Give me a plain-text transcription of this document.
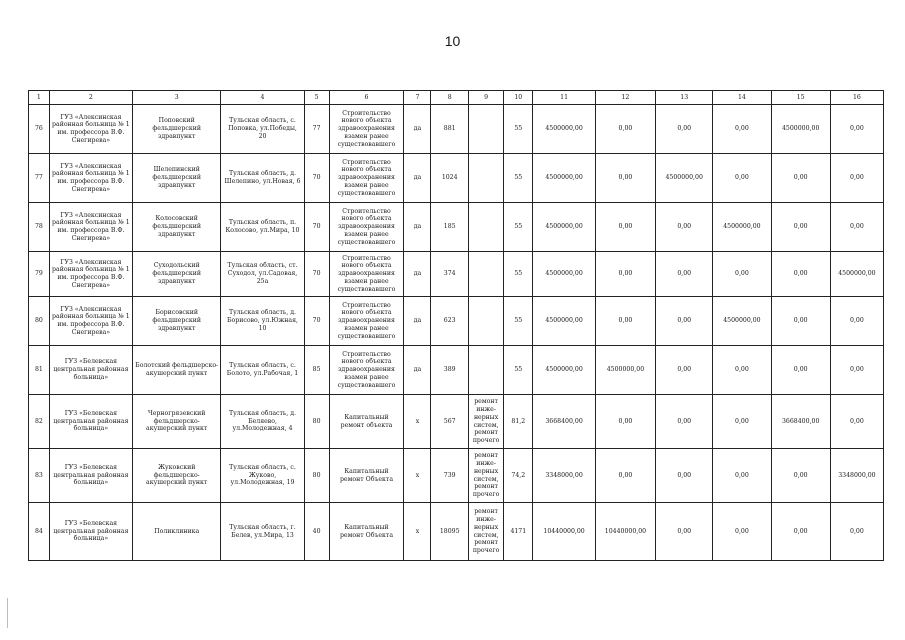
10
1	2	3	4	5	6	7	8	9	10	11	12	13	14	15	16
76	ГУЗ «Алексинская районная больница № 1 им. профессора В.Ф. Снегирева»	Поповский фельдшерский здравпункт	Тульская область, с. Поповка, ул.Победы, 20	77	Строительство нового объекта здравоохранения взамен ранее существовавшего	да	881		55	4500000,00	0,00	0,00	0,00	4500000,00	0,00
77	ГУЗ «Алексинская районная больница № 1 им. профессора В.Ф. Снегирева»	Шелепинский фельдшерский здравпункт	Тульская область, д. Шелепино, ул.Новая, 6	70	Строительство нового объекта здравоохранения взамен ранее существовавшего	да	1024		55	4500000,00	0,00	4500000,00	0,00	0,00	0,00
78	ГУЗ «Алексинская районная больница № 1 им. профессора В.Ф. Снегирева»	Колосовский фельдшерский здравпункт	Тульская область, п. Колосово, ул.Мира, 10	70	Строительство нового объекта здравоохранения взамен ранее существовавшего	да	185		55	4500000,00	0,00	0,00	4500000,00	0,00	0,00
79	ГУЗ «Алексинская районная больница № 1 им. профессора В.Ф. Снегирева»	Суходольский фельдшерский здравпункт	Тульская область, ст. Суходол, ул.Садовая, 25а	70	Строительство нового объекта здравоохранения взамен ранее существовавшего	да	374		55	4500000,00	0,00	0,00	0,00	0,00	4500000,00
80	ГУЗ «Алексинская районная больница № 1 им. профессора В.Ф. Снегирева»	Борисовский фельдшерский здравпункт	Тульская область, д. Борисово, ул.Южная, 10	70	Строительство нового объекта здравоохранения взамен ранее существовавшего	да	623		55	4500000,00	0,00	0,00	4500000,00	0,00	0,00
81	ГУЗ «Белевская центральная районная больница»	Болотский фельдшерско-акушерский пункт	Тульская область, с. Болото, ул.Рабочая, 1	85	Строительство нового объекта здравоохранения взамен ранее существовавшего	да	389		55	4500000,00	4500000,00	0,00	0,00	0,00	0,00
82	ГУЗ «Белевская центральная районная больница»	Черногрязевский фельдшерско-акушерский пункт	Тульская область, д. Беляево, ул.Молодежная, 4	80	Капитальный ремонт объекта	х	567	ремонт инже-нерных систем, ремонт прочего	81,2	3668400,00	0,00	0,00	0,00	3668400,00	0,00
83	ГУЗ «Белевская центральная районная больница»	Жуковский фельдшерско-акушерский пункт	Тульская область, с. Жуково, ул.Молодежная, 19	80	Капитальный ремонт Объекта	х	739	ремонт инже-нерных систем, ремонт прочего	74,2	3348000,00	0,00	0,00	0,00	0,00	3348000,00
84	ГУЗ «Белевская центральная районная больница»	Поликлиника	Тульская область, г. Белев, ул.Мира, 13	40	Капитальный ремонт Объекта	х	18095	ремонт инже-нерных систем, ремонт прочего	4171	10440000,00	10440000,00	0,00	0,00	0,00	0,00
